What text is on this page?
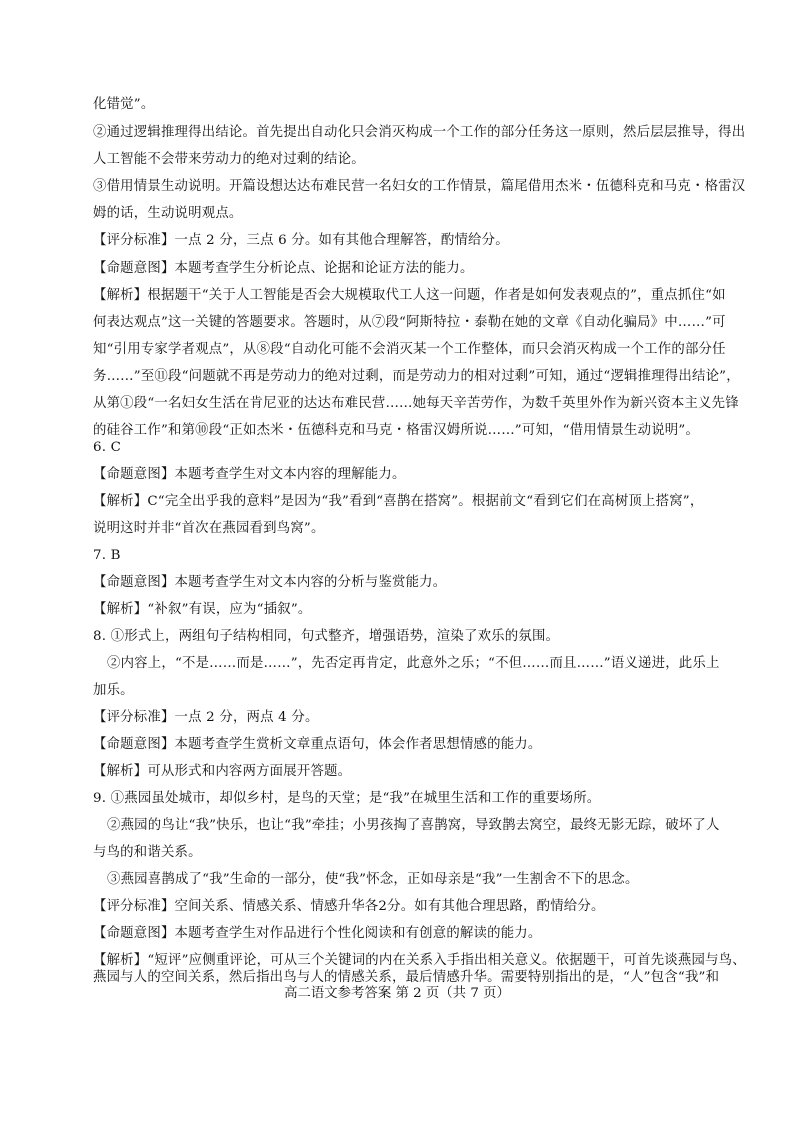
化错觉”。
②通过逻辑推理得出结论。首先提出自动化只会消灭构成一个工作的部分任务这一原则，然后层层推导，得出
人工智能不会带来劳动力的绝对过剩的结论。
③借用情景生动说明。开篇设想达达布难民营一名妇女的工作情景，篇尾借用杰米・伍德科克和马克・格雷汉
姆的话，生动说明观点。
【评分标准】一点 2 分，三点 6 分。如有其他合理解答，酌情给分。
【命题意图】本题考查学生分析论点、论据和论证方法的能力。
【解析】根据题干“关于人工智能是否会大规模取代工人这一问题，作者是如何发表观点的”，重点抓住“如
何表达观点”这一关键的答题要求。答题时，从⑦段“阿斯特拉・泰勒在她的文章《自动化骗局》中……”可
知“引用专家学者观点”，从⑧段“自动化可能不会消灭某一个工作整体，而只会消灭构成一个工作的部分任
务……”至⑪段“问题就不再是劳动力的绝对过剩，而是劳动力的相对过剩”可知，通过“逻辑推理得出结论”，
从第①段“一名妇女生活在肯尼亚的达达布难民营……她每天辛苦劳作，为数千英里外作为新兴资本主义先锋
的硅谷工作”和第⑩段“正如杰米・伍德科克和马克・格雷汉姆所说……”可知，“借用情景生动说明”。
6. C
【命题意图】本题考查学生对文本内容的理解能力。
【解析】C“完全出乎我的意料”是因为“我”看到“喜鹊在搭窝”。根据前文“看到它们在高树顶上搭窝”，
说明这时并非“首次在燕园看到鸟窝”。
7. B
【命题意图】本题考查学生对文本内容的分析与鉴赏能力。
【解析】“补叙”有误，应为“插叙”。
8. ①形式上，两组句子结构相同，句式整齐，增强语势，渲染了欢乐的氛围。
②内容上，“不是……而是……”，先否定再肯定，此意外之乐；“不但……而且……”语义递进，此乐上
加乐。
【评分标准】一点 2 分，两点 4 分。
【命题意图】本题考查学生赏析文章重点语句，体会作者思想情感的能力。
【解析】可从形式和内容两方面展开答题。
9. ①燕园虽处城市，却似乡村，是鸟的天堂；是“我”在城里生活和工作的重要场所。
②燕园的鸟让“我”快乐，也让“我”牵挂；小男孩掏了喜鹊窝，导致鹊去窝空，最终无影无踪，破坏了人
与鸟的和谐关系。
③燕园喜鹊成了“我”生命的一部分，使“我”怀念，正如母亲是“我”一生割舍不下的思念。
【评分标准】空间关系、情感关系、情感升华各2分。如有其他合理思路，酌情给分。
【命题意图】本题考查学生对作品进行个性化阅读和有创意的解读的能力。
【解析】“短评”应侧重评论，可从三个关键词的内在关系入手指出相关意义。依据题干，可首先谈燕园与鸟、
燕园与人的空间关系，然后指出鸟与人的情感关系，最后情感升华。需要特别指出的是，“人”包含“我”和
高二语文参考答案 第 2 页（共 7 页）
